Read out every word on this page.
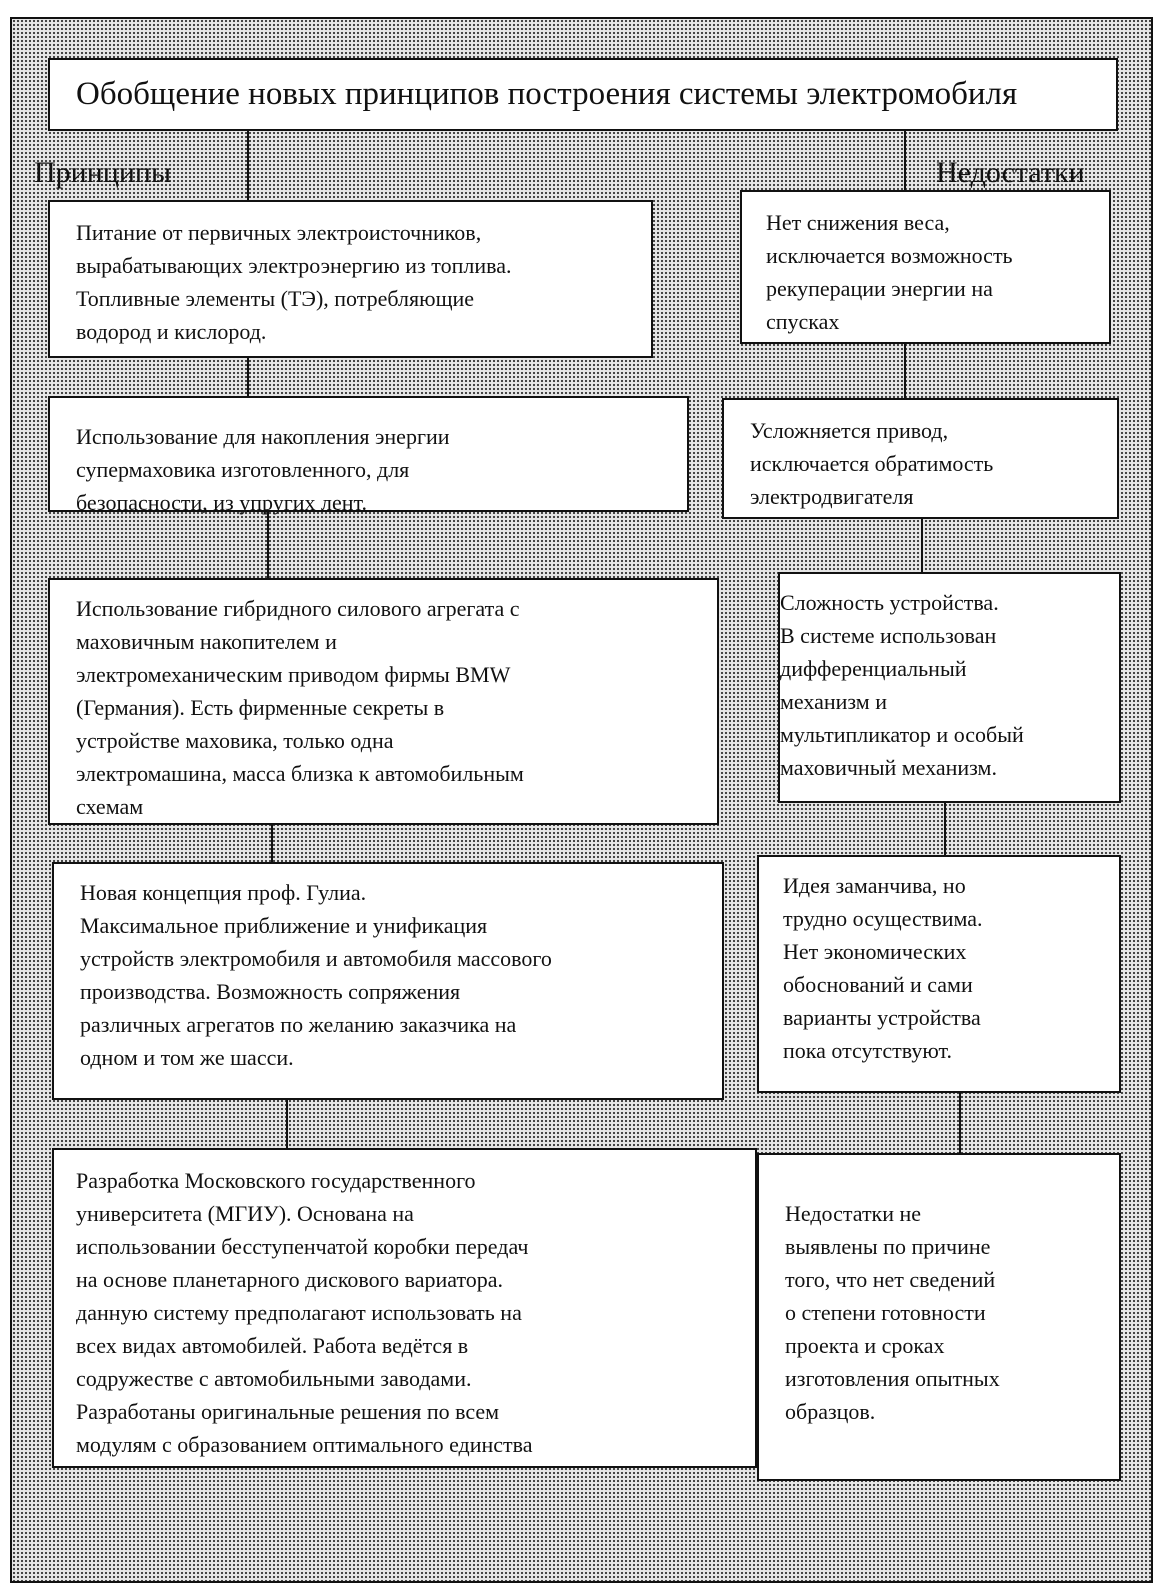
Обобщение новых принципов построения системы электромобиля
Принципы	Недостатки
Питание от первичных электроисточников,
вырабатывающих электроэнергию из топлива.
Топливные элементы (ТЭ), потребляющие
водород и кислород.
Использование для накопления энергии
супермаховика изготовленного, для
безопасности, из упругих лент.
Использование гибридного силового агрегата с
маховичным накопителем и
электромеханическим приводом фирмы BMW
(Германия). Есть фирменные секреты в
устройстве маховика, только одна
электромашина, масса близка к автомобильным
схемам
Новая концепция проф. Гулиа.
Максимальное приближение и унификация
устройств электромобиля и автомобиля массового
производства. Возможность сопряжения
различных агрегатов по желанию заказчика на
одном и том же шасси.
Разработка Московского государственного
университета (МГИУ). Основана на
использовании бесступенчатой коробки передач
на основе планетарного дискового вариатора.
данную систему предполагают использовать на
всех видах автомобилей. Работа ведётся в
содружестве с автомобильными заводами.
Разработаны оригинальные решения по всем
модулям с образованием оптимального единства
Нет снижения веса,
исключается возможность
рекуперации энергии на
спусках
Усложняется привод,
исключается обратимость
электродвигателя
Сложность устройства.
В системе использован
дифференциальный
механизм и
мультипликатор и особый
маховичный механизм.
Идея заманчива, но
трудно осуществима.
Нет экономических
обоснований и сами
варианты устройства
пока отсутствуют.
Недостатки не
выявлены по причине
того, что нет сведений
о степени готовности
проекта и сроках
изготовления опытных
образцов.
